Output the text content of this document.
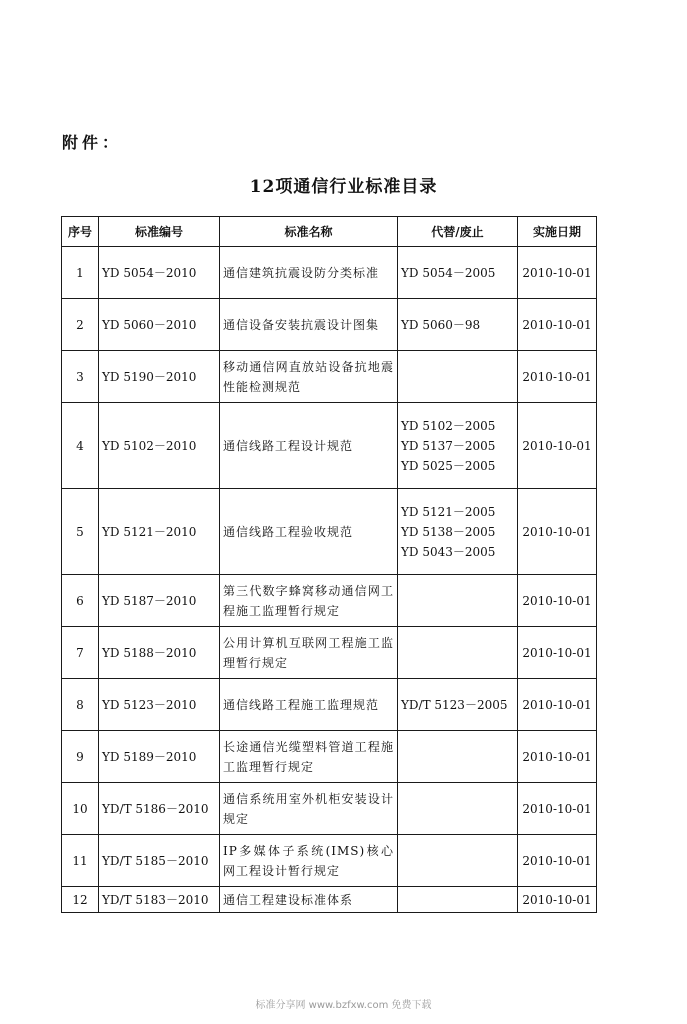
附件：
12项通信行业标准目录
序号	标准编号	标准名称	代替/废止	实施日期
1	YD 5054－2010	通信建筑抗震设防分类标准	YD 5054－2005	2010-10-01
2	YD 5060－2010	通信设备安装抗震设计图集	YD 5060－98	2010-10-01
3	YD 5190－2010	移动通信网直放站设备抗地震性能检测规范		2010-10-01
4	YD 5102－2010	通信线路工程设计规范	YD 5102－2005
YD 5137－2005
YD 5025－2005	2010-10-01
5	YD 5121－2010	通信线路工程验收规范	YD 5121－2005
YD 5138－2005
YD 5043－2005	2010-10-01
6	YD 5187－2010	第三代数字蜂窝移动通信网工程施工监理暂行规定		2010-10-01
7	YD 5188－2010	公用计算机互联网工程施工监理暂行规定		2010-10-01
8	YD 5123－2010	通信线路工程施工监理规范	YD/T 5123－2005	2010-10-01
9	YD 5189－2010	长途通信光缆塑料管道工程施工监理暂行规定		2010-10-01
10	YD/T 5186－2010	通信系统用室外机柜安装设计规定		2010-10-01
11	YD/T 5185－2010	IP多媒体子系统(IMS)核心网工程设计暂行规定		2010-10-01
12	YD/T 5183－2010	通信工程建设标准体系		2010-10-01
标准分享网 www.bzfxw.com 免费下载
